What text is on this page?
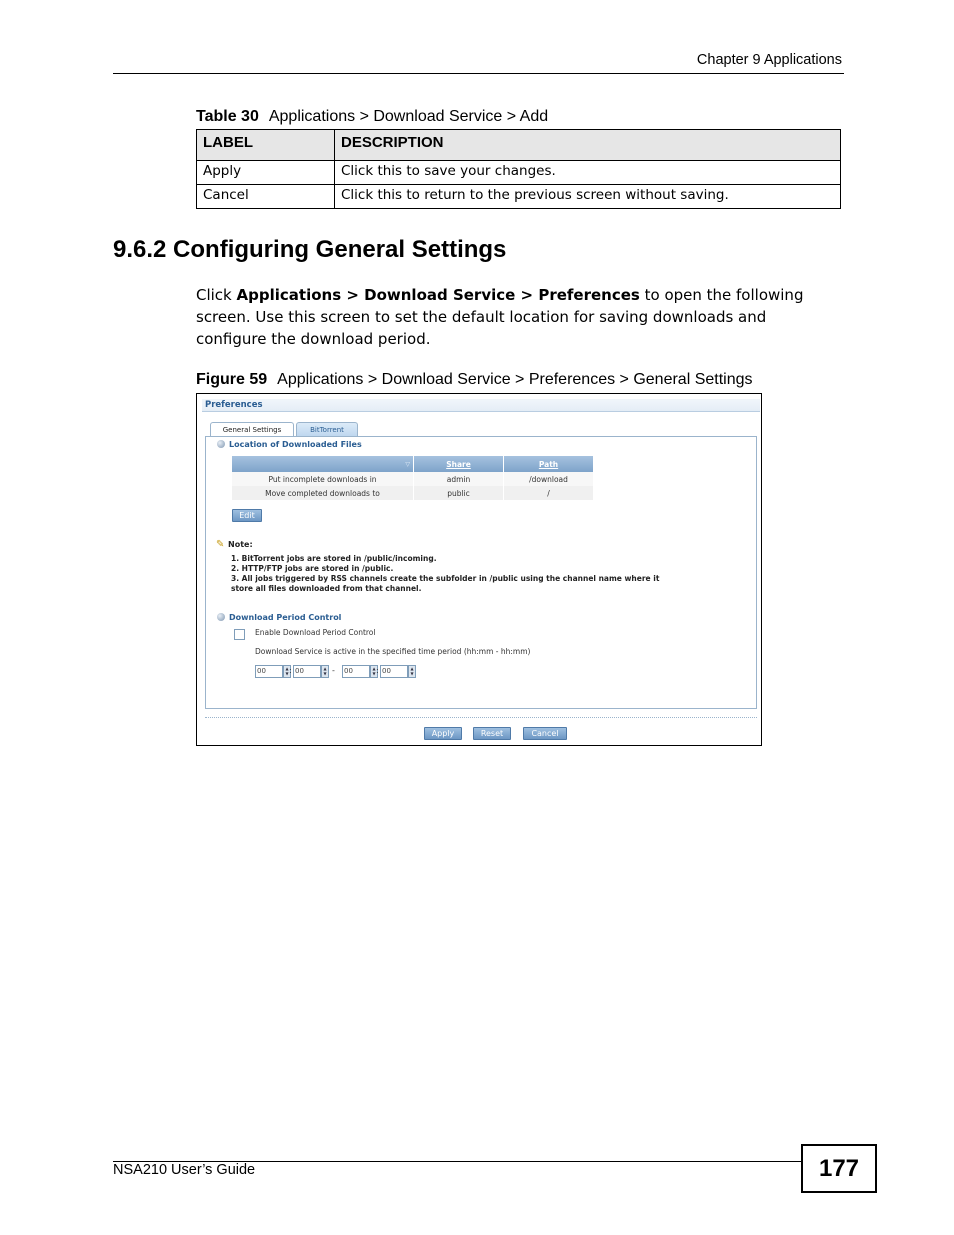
Chapter 9 Applications
Table 30 Applications > Download Service > Add
LABEL	DESCRIPTION
Apply	Click this to save your changes.
Cancel	Click this to return to the previous screen without saving.
9.6.2 Configuring General Settings
Click Applications > Download Service > Preferences to open the following screen. Use this screen to set the default location for saving downloads and configure the download period.
Figure 59 Applications > Download Service > Preferences > General Settings
Preferences
General Settings	BitTorrent
Location of Downloaded Files
▽	Share	Path
Put incomplete downloads in	admin	/download
Move completed downloads to	public	/
Edit
✎ Note:
1. BitTorrent jobs are stored in /public/incoming.
2. HTTP/FTP jobs are stored in /public.
3. All jobs triggered by RSS channels create the subfolder in /public using the channel name where it
store all files downloaded from that channel.
Download Period Control
Enable Download Period Control
Download Service is active in the specified time period (hh:mm - hh:mm)
00	▲
▼ : 00	▲
▼ - 00	▲
▼ : 00	▲
▼
Apply	Reset	Cancel
NSA210 User’s Guide	177
